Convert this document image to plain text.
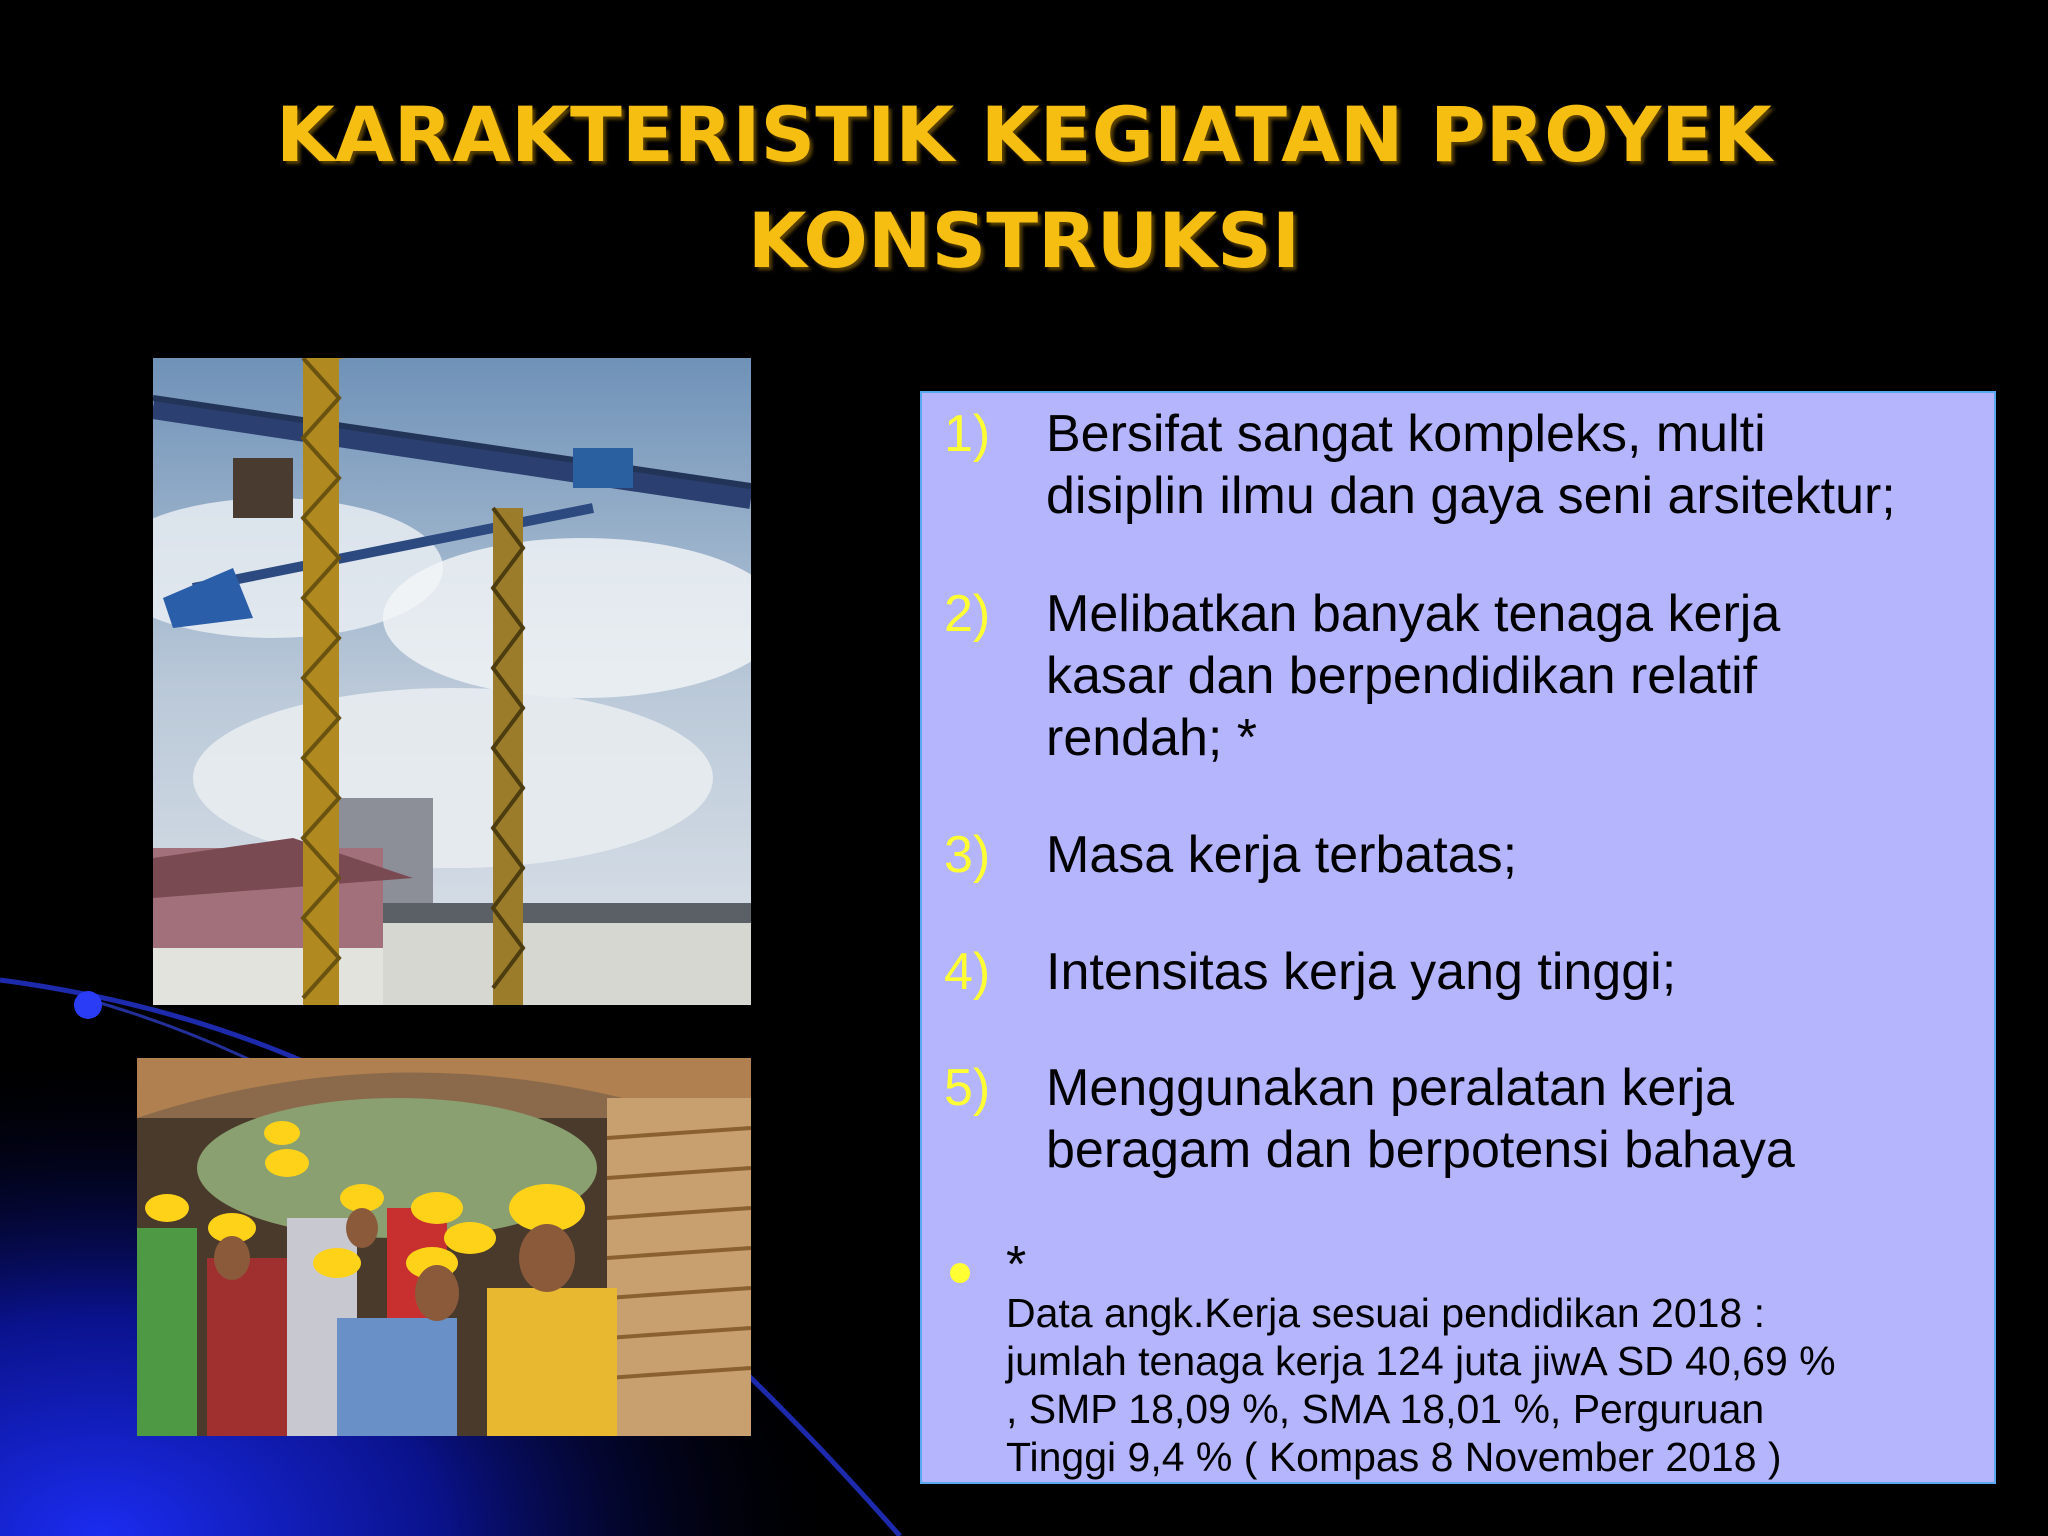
KARAKTERISTIK KEGIATAN PROYEK
KONSTRUKSI
1) Bersifat sangat kompleks, multi
disiplin ilmu dan gaya seni arsitektur;
2) Melibatkan banyak tenaga kerja
kasar dan berpendidikan relatif
rendah; *
3) Masa kerja terbatas;
4) Intensitas kerja yang tinggi;
5) Menggunakan peralatan kerja
beragam dan berpotensi bahaya
*
Data angk.Kerja sesuai pendidikan 2018 :
jumlah tenaga kerja 124 juta jiwA SD 40,69 %
, SMP 18,09 %, SMA 18,01 %, Perguruan
Tinggi 9,4 % ( Kompas 8 November 2018 )
